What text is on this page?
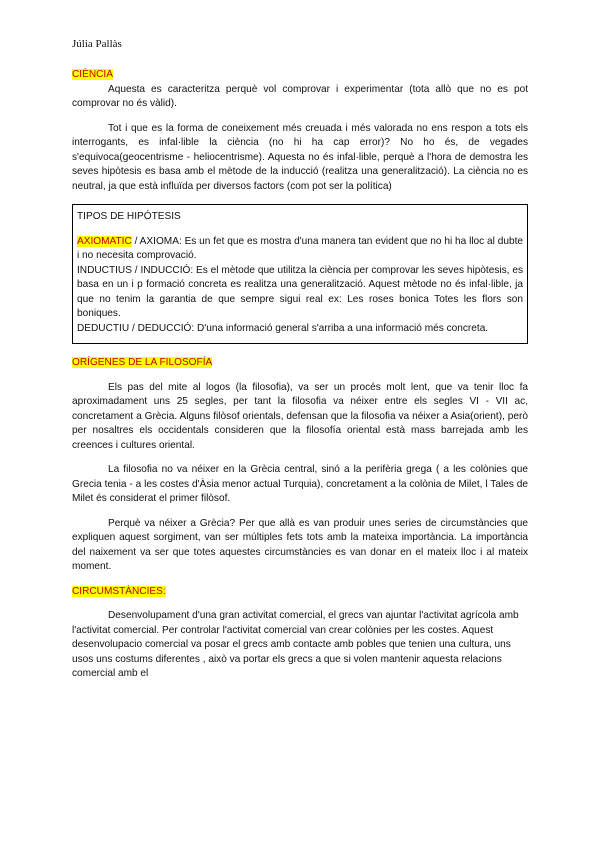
Júlia Pallàs
CIÈNCIA

Aquesta es caracteritza perquè vol comprovar i experimentar (tota allò que no es pot comprovar no és vàlid).

Tot i que es la forma de coneixement més creuada i més valorada no ens respon a tots els interrogants, es infal·lible la ciència (no hi ha cap error)? No ho és, de vegades s'equivoca(geocentrisme - heliocentrisme). Aquesta no és infal·lible, perquè a l'hora de demostra les seves hipòtesis es basa amb el mètode de la inducció (realitza una generalització). La ciència no es neutral, ja que està influïda per diversos factors (com pot ser la política)

TIPOS DE HIPÓTESIS

AXIOMATIC / AXIOMA: Es un fet que es mostra d'una manera tan evident que no hi ha lloc al dubte i no necesita comprovació.

INDUCTIUS / INDUCCIÓ: Es el mètode que utilitza la ciència per comprovar les seves hipòtesis, es basa en un i p formació concreta es realitza una generalització. Aquest mètode no és infal·lible, ja que no tenim la garantia de que sempre sigui real ex: Les roses bonica Totes les flors son boniques.

DEDUCTIU / DEDUCCIÓ: D'una informació general s'arriba a una informació més concreta.

ORÍGENES DE LA FILOSOFÍA

Els pas del mite al logos (la filosofia), va ser un procés molt lent, que va tenir lloc fa aproximadament uns 25 segles, per tant la filosofia va néixer entre els segles VI - VII ac, concretament a Grècia. Alguns filòsof orientals, defensan que la filosofia va néixer a Asia(orient), però per nosaltres els occidentals consideren que la filosofía oriental està mass barrejada amb les creences i cultures oriental.

La filosofia no va néixer en la Grècia central, sinó a la perifèria grega ( a les colònies que Grecia tenia - a les costes d'Àsia menor actual Turquia), concretament a la colònia de Milet, l Tales de Milet és considerat el primer filòsof.

Perquè va néixer a Grècia? Per que allà es van produir unes series de circumstàncies que expliquen aquest sorgiment, van ser múltiples fets tots amb la mateixa importància. La importància del naixement va ser que totes aquestes circumstàncies es van donar en el mateix lloc i al mateix moment.

CIRCUMSTÀNCIES:

Desenvolupament d'una gran activitat comercial, el grecs van ajuntar l'activitat agrícola amb l'activitat comercial. Per controlar l'activitat comercial van crear colònies per les costes. Aquest desenvolupacio comercial va posar el grecs amb contacte amb pobles que tenien una cultura, uns usos uns costums diferentes , això va portar els grecs a que si volen mantenir aquesta relacions comercial amb el
